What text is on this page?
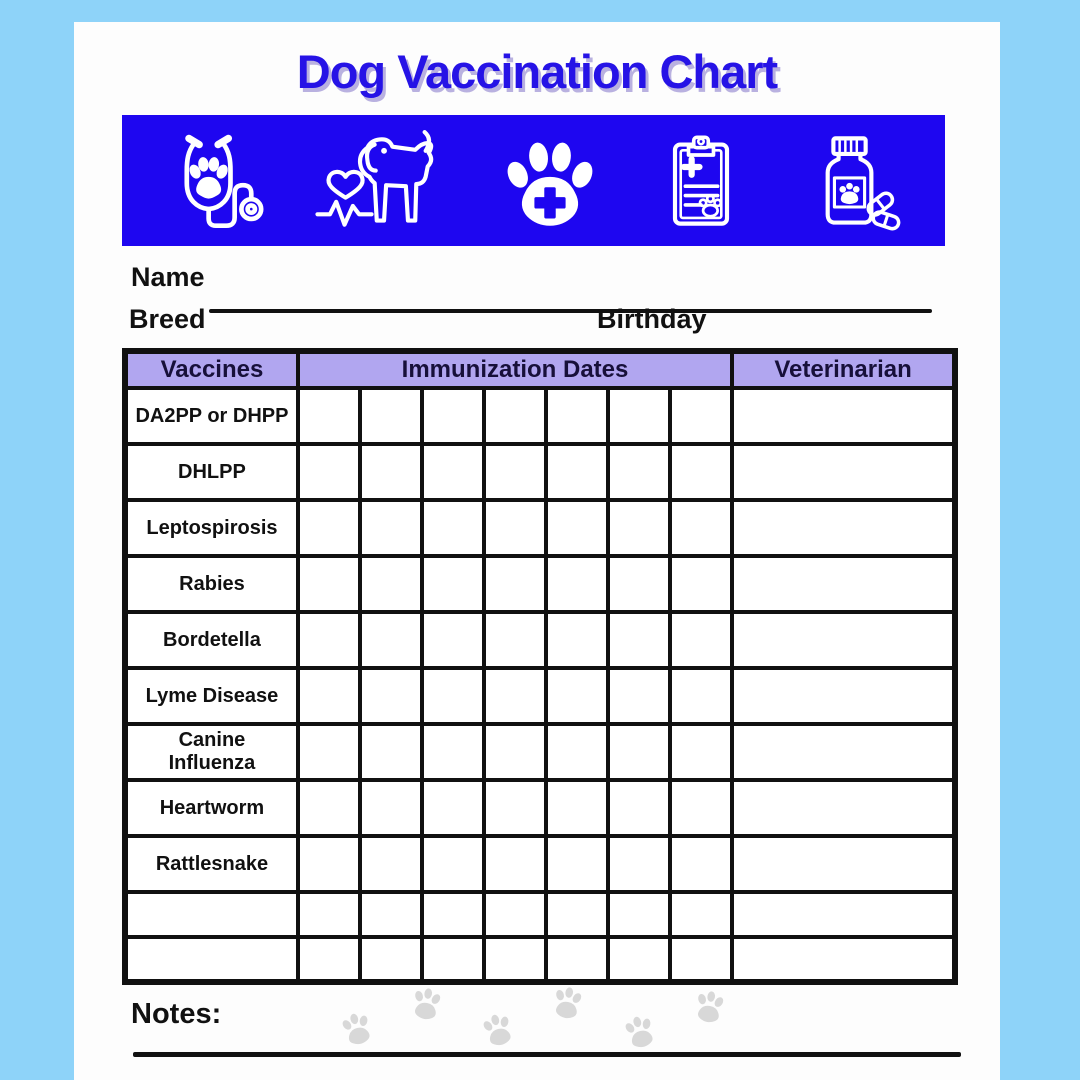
Dog Vaccination Chart
Name
Breed	Birthday
Vaccines	Immunization Dates							Veterinarian
DA2PP or DHPP								
DHLPP								
Leptospirosis								
Rabies								
Bordetella								
Lyme Disease								
Canine Influenza								
Heartworm								
Rattlesnake								

Notes:
